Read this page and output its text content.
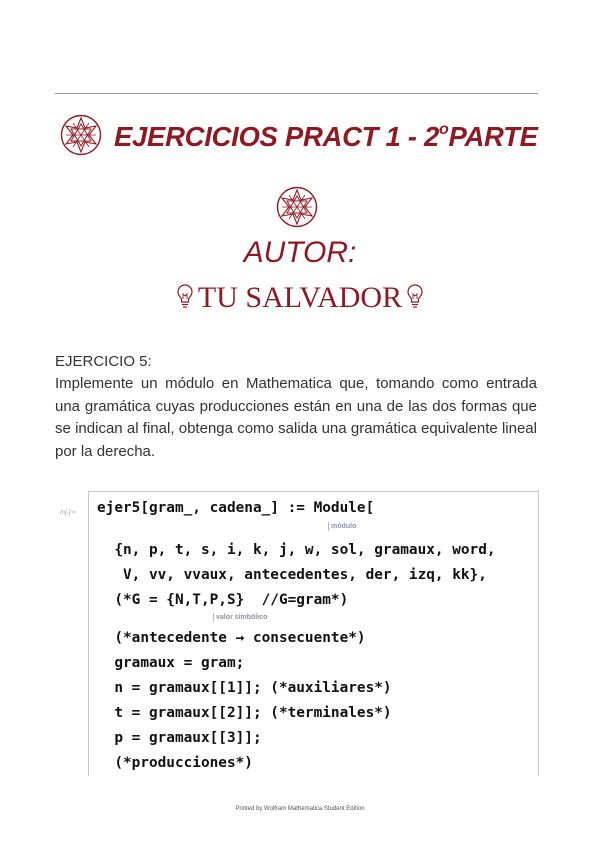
EJERCICIOS PRACT 1 - 2$^o$PARTE
AUTOR:
TU SALVADOR
EJERCICIO 5:
Implemente un módulo en Mathematica que, tomando como entrada una gramática cuyas producciones están en una de las dos formas que se indican al final, obtenga como salida una gramática equivalente lineal por la derecha.
In[-]:=

ejer5[gram_, cadena_] := Module[

módulo

{n, p, t, s, i, k, j, w, sol, gramaux, word,

V, vv, vvaux, antecedentes, der, izq, kk},

(*G = {N,T,P,S}  //G=gram*)

valor simbólico

(*antecedente → consecuente*)

gramaux = gram;

n = gramaux[[1]]; (*auxiliares*)

t = gramaux[[2]]; (*terminales*)

p = gramaux[[3]];

(*producciones*)

Printed by Wolfram Mathematica Student Edition
